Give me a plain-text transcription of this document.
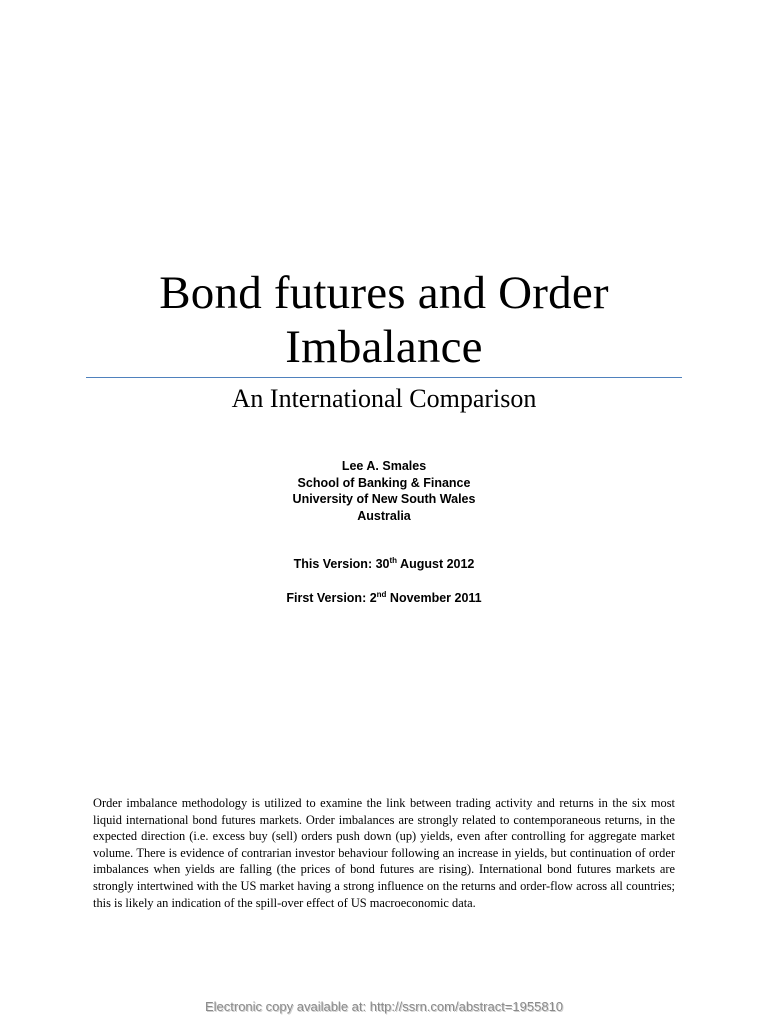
Bond futures and Order
Imbalance
An International Comparison
Lee A. Smales
School of Banking & Finance
University of New South Wales
Australia
This Version: 30th August 2012
First Version: 2nd November 2011
Order imbalance methodology is utilized to examine the link between trading activity and returns in the six most liquid international bond futures markets. Order imbalances are strongly related to contemporaneous returns, in the expected direction (i.e. excess buy (sell) orders push down (up) yields, even after controlling for aggregate market volume. There is evidence of contrarian investor behaviour following an increase in yields, but continuation of order imbalances when yields are falling (the prices of bond futures are rising). International bond futures markets are strongly intertwined with the US market having a strong influence on the returns and order-flow across all countries; this is likely an indication of the spill-over effect of US macroeconomic data.
Electronic copy available at: http://ssrn.com/abstract=1955810
